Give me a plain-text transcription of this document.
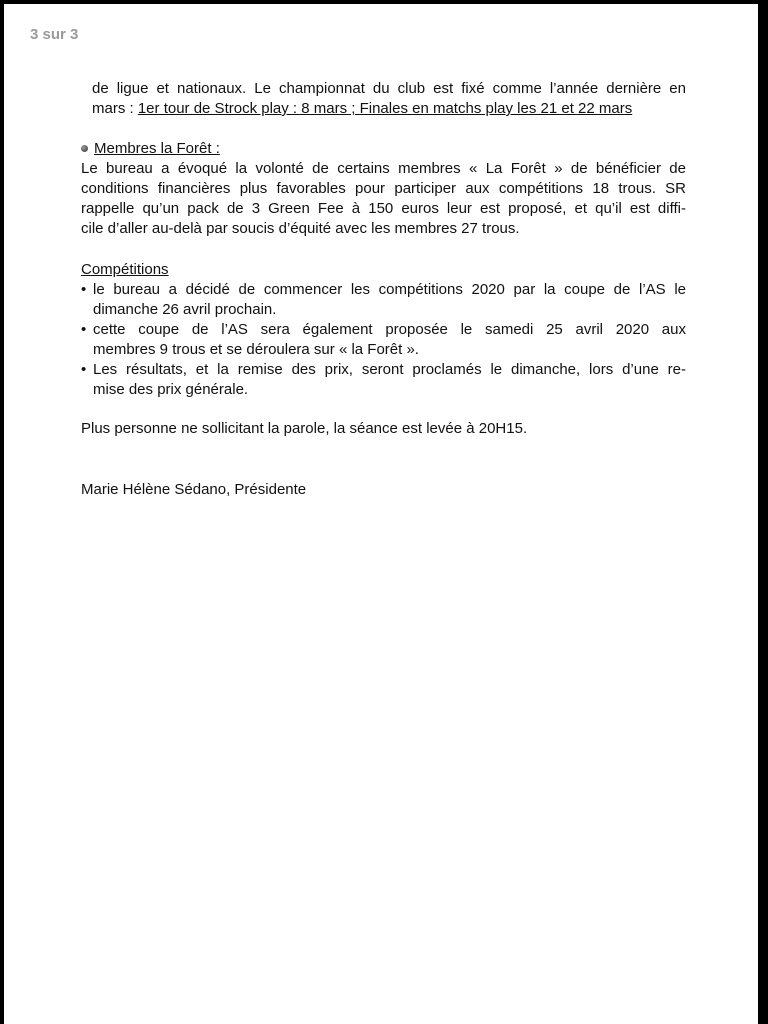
3 sur 3
de ligue et nationaux. Le championnat du club est fixé comme l’année dernière en
mars : 1er tour de Strock play : 8 mars ; Finales en matchs play les 21 et 22 mars
Membres la Forêt :
Le bureau a évoqué la volonté de certains membres « La Forêt » de bénéficier de
conditions financières plus favorables pour participer aux compétitions 18 trous. SR
rappelle qu’un pack de 3 Green Fee à 150 euros leur est proposé, et qu’il est diffi-
cile d’aller au-delà par soucis d’équité avec les membres 27 trous.
Compétitions
• le bureau a décidé de commencer les compétitions 2020 par la coupe de l’AS le
dimanche 26 avril prochain.
• cette coupe de l’AS sera également proposée le samedi 25 avril 2020 aux
membres 9 trous et se déroulera sur « la Forêt ».
• Les résultats, et la remise des prix, seront proclamés le dimanche, lors d’une re-
mise des prix générale.
Plus personne ne sollicitant la parole, la séance est levée à 20H15.
Marie Hélène Sédano, Présidente
